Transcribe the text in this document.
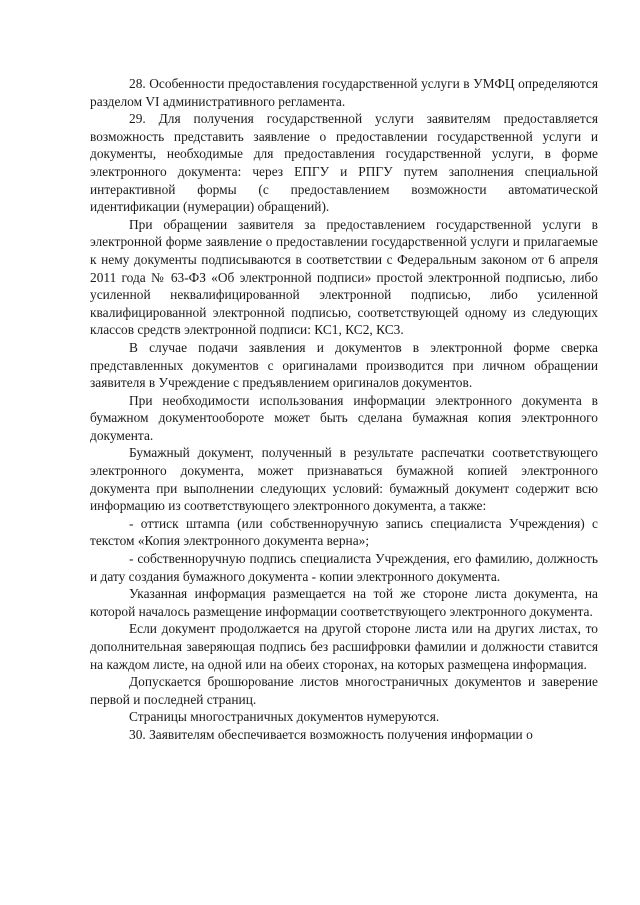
28. Особенности предоставления государственной услуги в УМФЦ определяются разделом VI административного регламента.

29. Для получения государственной услуги заявителям предоставляется возможность представить заявление о предоставлении государственной услуги и документы, необходимые для предоставления государственной услуги, в форме электронного документа: через ЕПГУ и РПГУ путем заполнения специальной интерактивной формы (с предоставлением возможности автоматической идентификации (нумерации) обращений).

При обращении заявителя за предоставлением государственной услуги в электронной форме заявление о предоставлении государственной услуги и прилагаемые к нему документы подписываются в соответствии с Федеральным законом от 6 апреля 2011 года № 63-ФЗ «Об электронной подписи» простой электронной подписью, либо усиленной неквалифицированной электронной подписью, либо усиленной квалифицированной электронной подписью, соответствующей одному из следующих классов средств электронной подписи: КС1, КС2, КС3.

В случае подачи заявления и документов в электронной форме сверка представленных документов с оригиналами производится при личном обращении заявителя в Учреждение с предъявлением оригиналов документов.

При необходимости использования информации электронного документа в бумажном документообороте может быть сделана бумажная копия электронного документа.

Бумажный документ, полученный в результате распечатки соответствующего электронного документа, может признаваться бумажной копией электронного документа при выполнении следующих условий: бумажный документ содержит всю информацию из соответствующего электронного документа, а также:

- оттиск штампа (или собственноручную запись специалиста Учреждения) с текстом «Копия электронного документа верна»;

- собственноручную подпись специалиста Учреждения, его фамилию, должность и дату создания бумажного документа - копии электронного документа.

Указанная информация размещается на той же стороне листа документа, на которой началось размещение информации соответствующего электронного документа.

Если документ продолжается на другой стороне листа или на других листах, то дополнительная заверяющая подпись без расшифровки фамилии и должности ставится на каждом листе, на одной или на обеих сторонах, на которых размещена информация.

Допускается брошюрование листов многостраничных документов и заверение первой и последней страниц.

Страницы многостраничных документов нумеруются.

30. Заявителям обеспечивается возможность получения информации о
